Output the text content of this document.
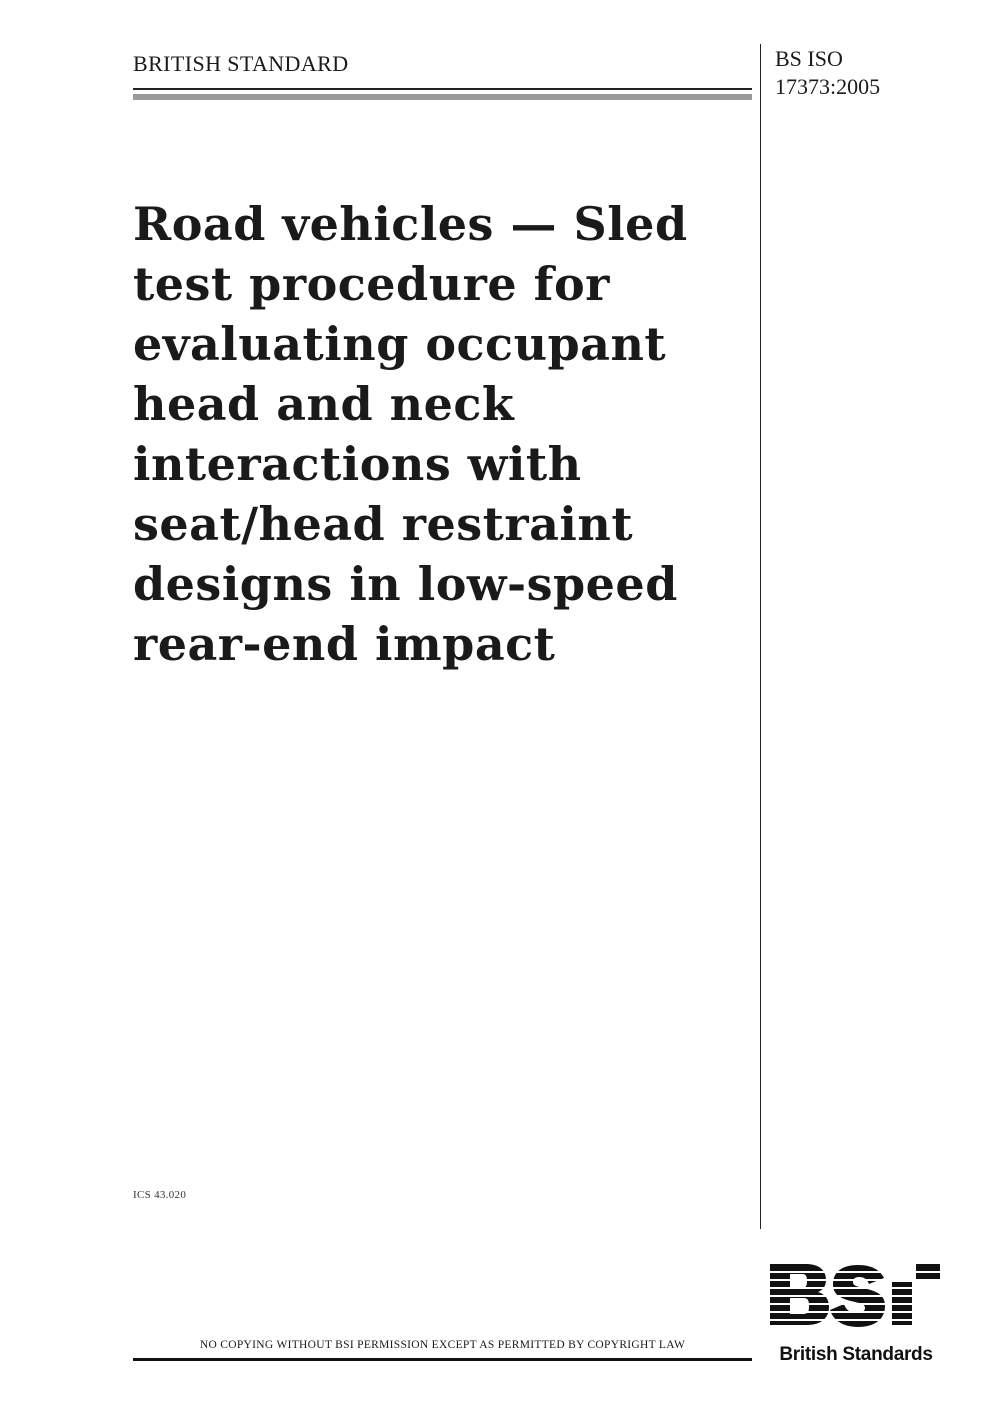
BRITISH STANDARD	BS ISO
17373:2005
Road vehicles — Sled
test procedure for
evaluating occupant
head and neck
interactions with
seat/head restraint
designs in low-speed
rear-end impact
ICS 43.020
NO COPYING WITHOUT BSI PERMISSION EXCEPT AS PERMITTED BY COPYRIGHT LAW	British Standards
